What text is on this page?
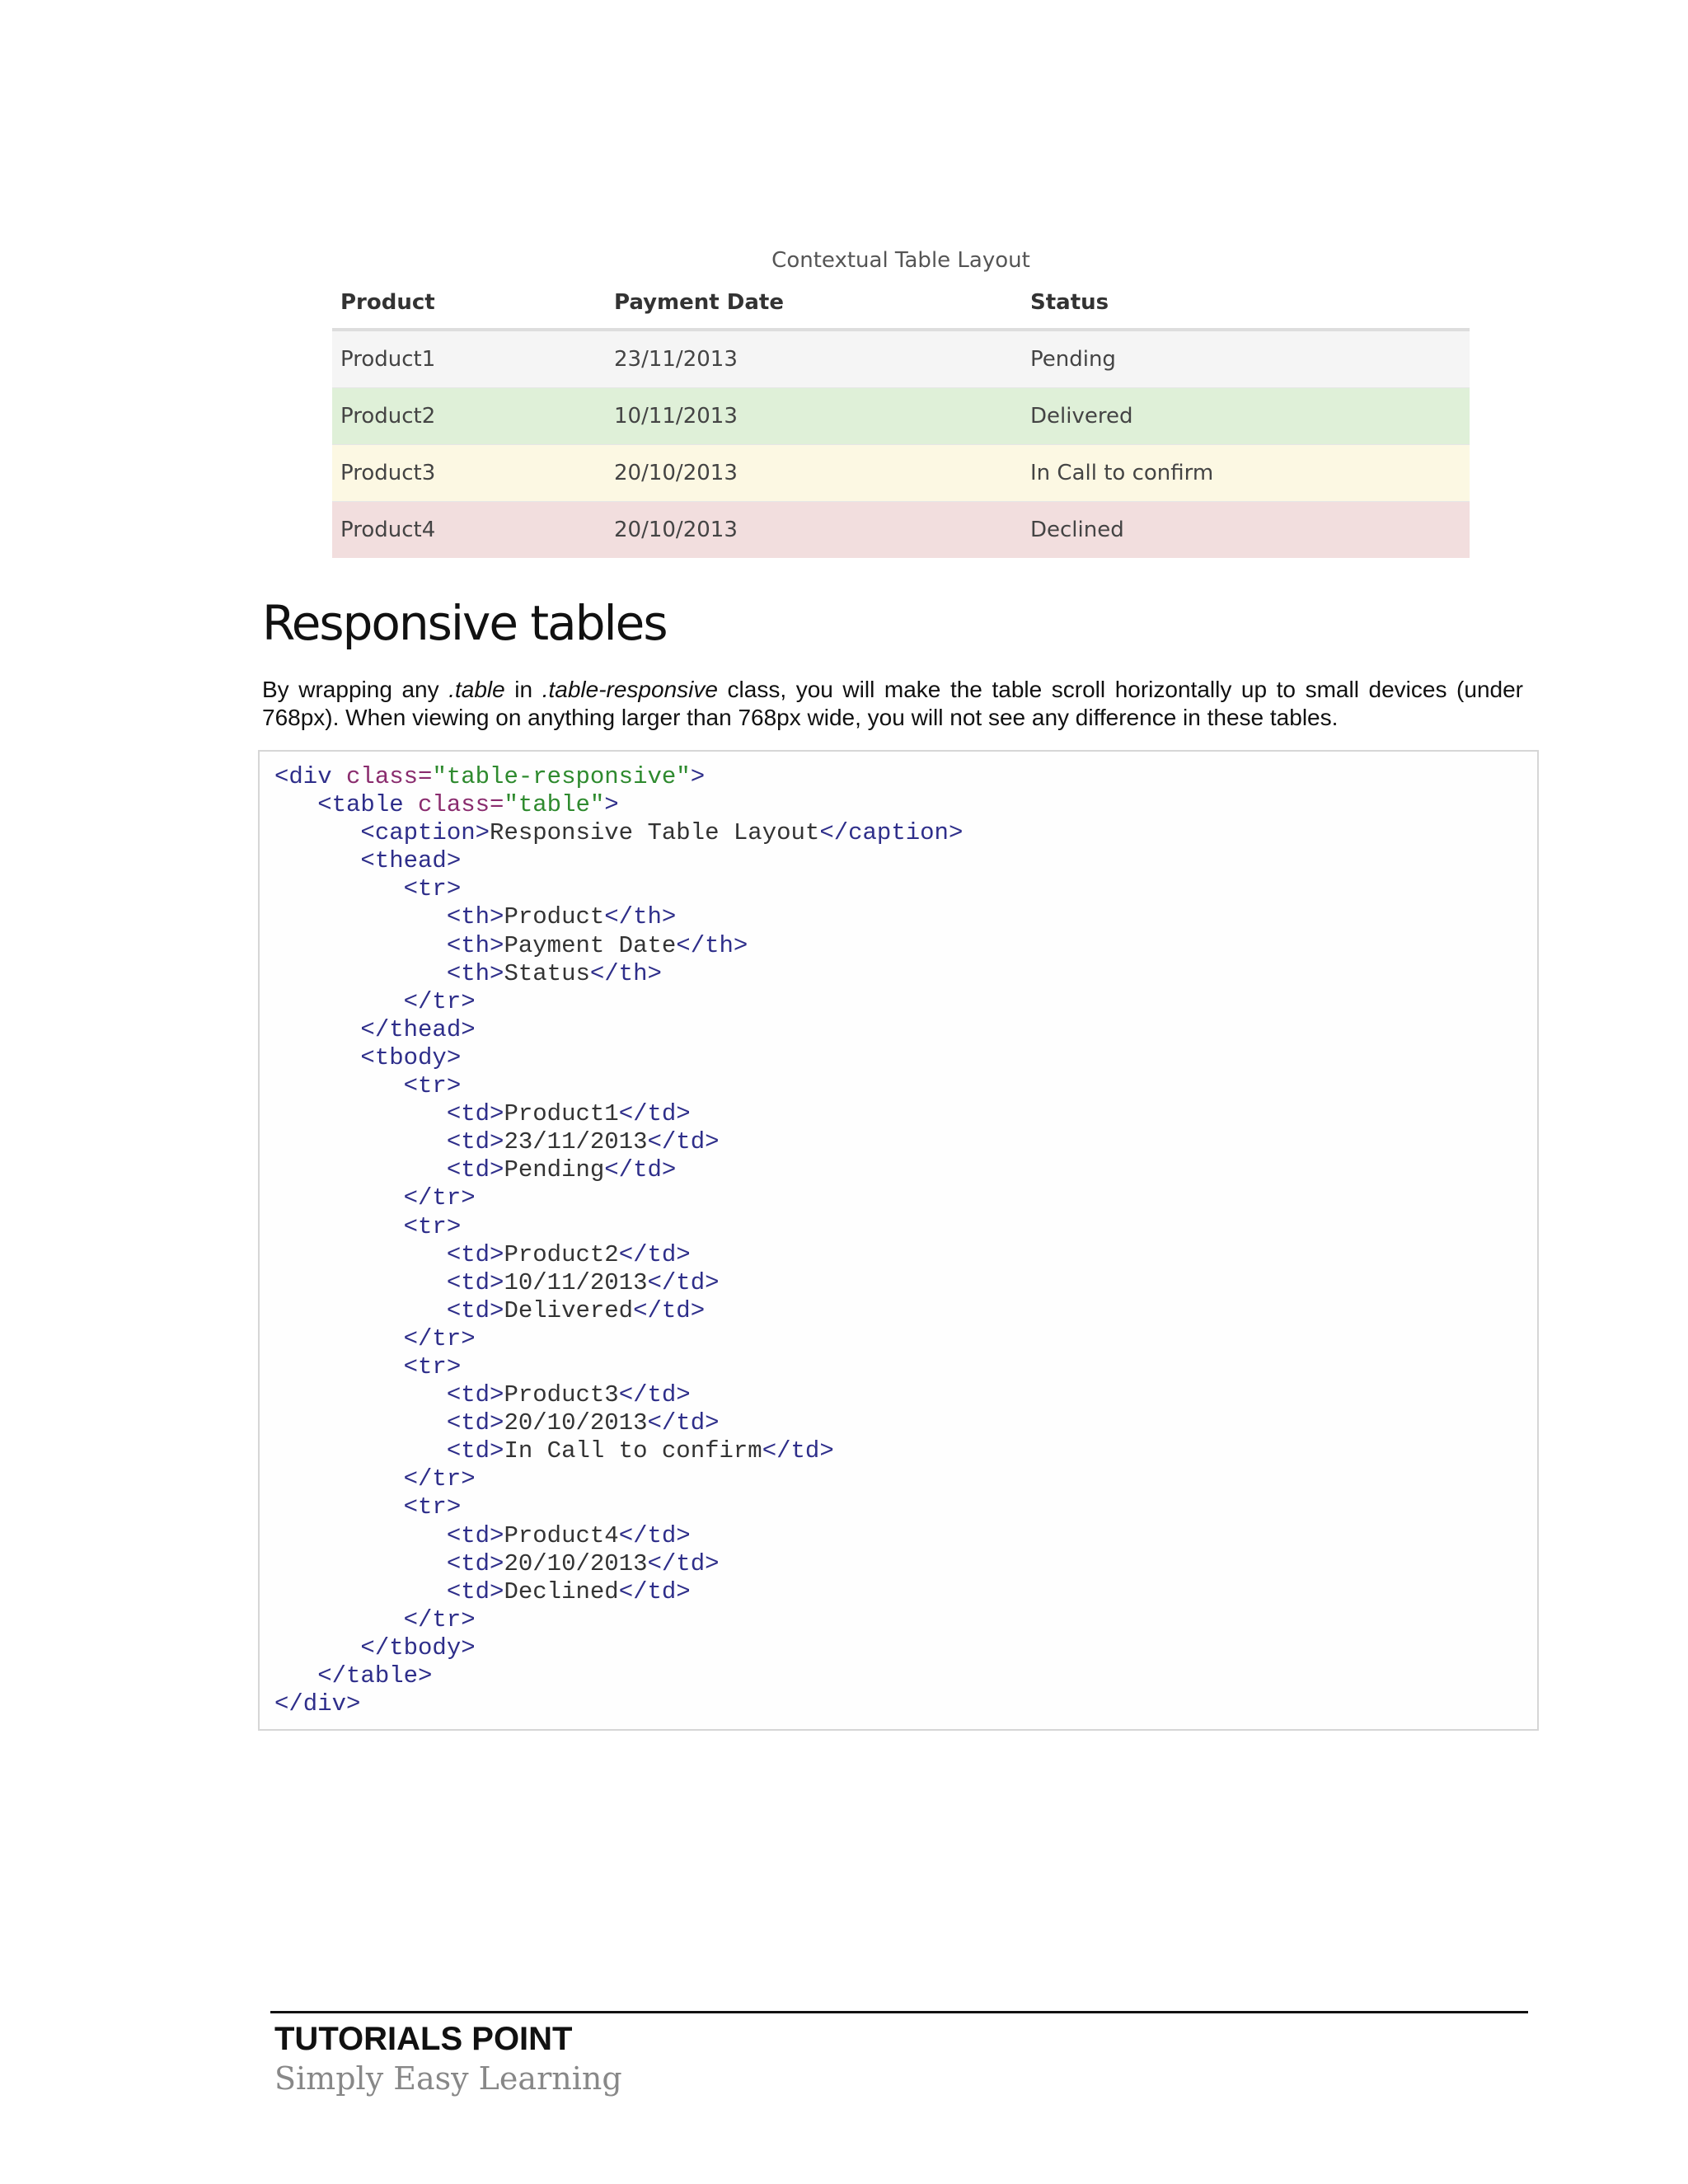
Contextual Table Layout
Product	Payment Date	Status
Product1	23/11/2013	Pending
Product2	10/11/2013	Delivered
Product3	20/10/2013	In Call to confirm
Product4	20/10/2013	Declined
Responsive tables

By wrapping any .table in .table-responsive class, you will make the table scroll horizontally up to small devices (under 768px). When viewing on anything larger than 768px wide, you will not see any difference in these tables.

<div class="table-responsive">
<table class="table">
<caption>Responsive Table Layout</caption>
<thead>
<tr>
<th>Product</th>
<th>Payment Date</th>
<th>Status</th>
</tr>
</thead>
<tbody>
<tr>
<td>Product1</td>
<td>23/11/2013</td>
<td>Pending</td>
</tr>
<tr>
<td>Product2</td>
<td>10/11/2013</td>
<td>Delivered</td>
</tr>
<tr>
<td>Product3</td>
<td>20/10/2013</td>
<td>In Call to confirm</td>
</tr>
<tr>
<td>Product4</td>
<td>20/10/2013</td>
<td>Declined</td>
</tr>
</tbody>
</table>
</div>
TUTORIALS POINT
Simply Easy Learning
